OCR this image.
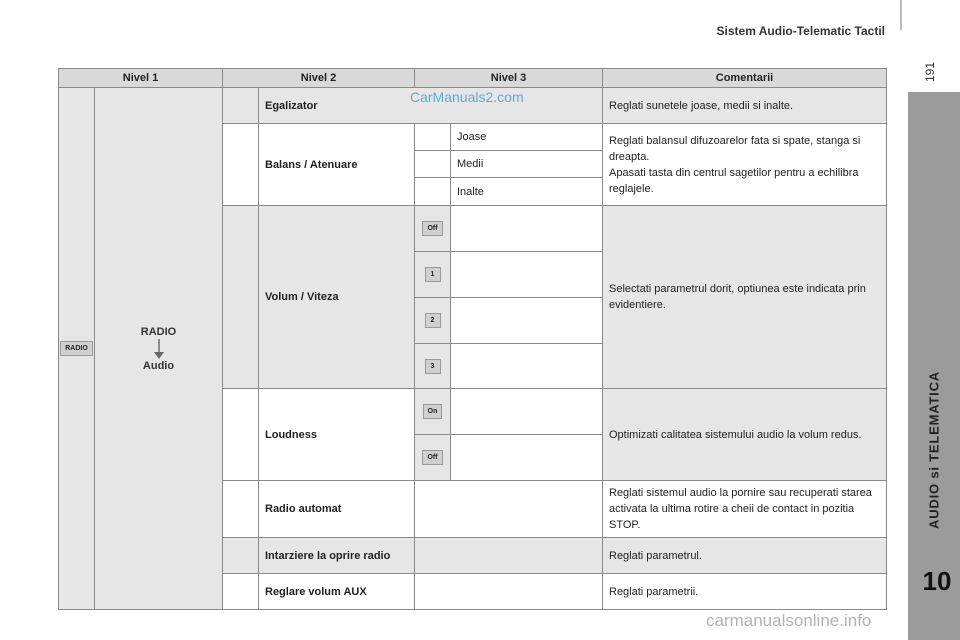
Sistem Audio-Telematic Tactil
191
AUDIO si TELEMATICA
10
Nivel 1		Nivel 2		Nivel 3		Comentarii
RADIO	RADIO
Audio		Egalizator			Reglati sunetele joase, medii si inalte.
			Balans / Atenuare		Joase	Reglati balansul difuzoarelor fata si spate, stanga si dreapta.
Apasati tasta din centrul sagetilor pentru a echilibra reglajele.
					Medii	
					Inalte	
			Volum / Viteza	Off		Selectati parametrul dorit, optiunea este indicata prin evidentiere.
				1		
				2		
				3		
			Loudness	On		Optimizati calitatea sistemului audio la volum redus.
				Off		
			Radio automat			Reglati sistemul audio la pornire sau recuperati starea activata la ultima rotire a cheii de contact in pozitia STOP.
			Intarziere la oprire radio			Reglati parametrul.
			Reglare volum AUX			Reglati parametrii.
CarManuals2.com
carmanualsonline.info
